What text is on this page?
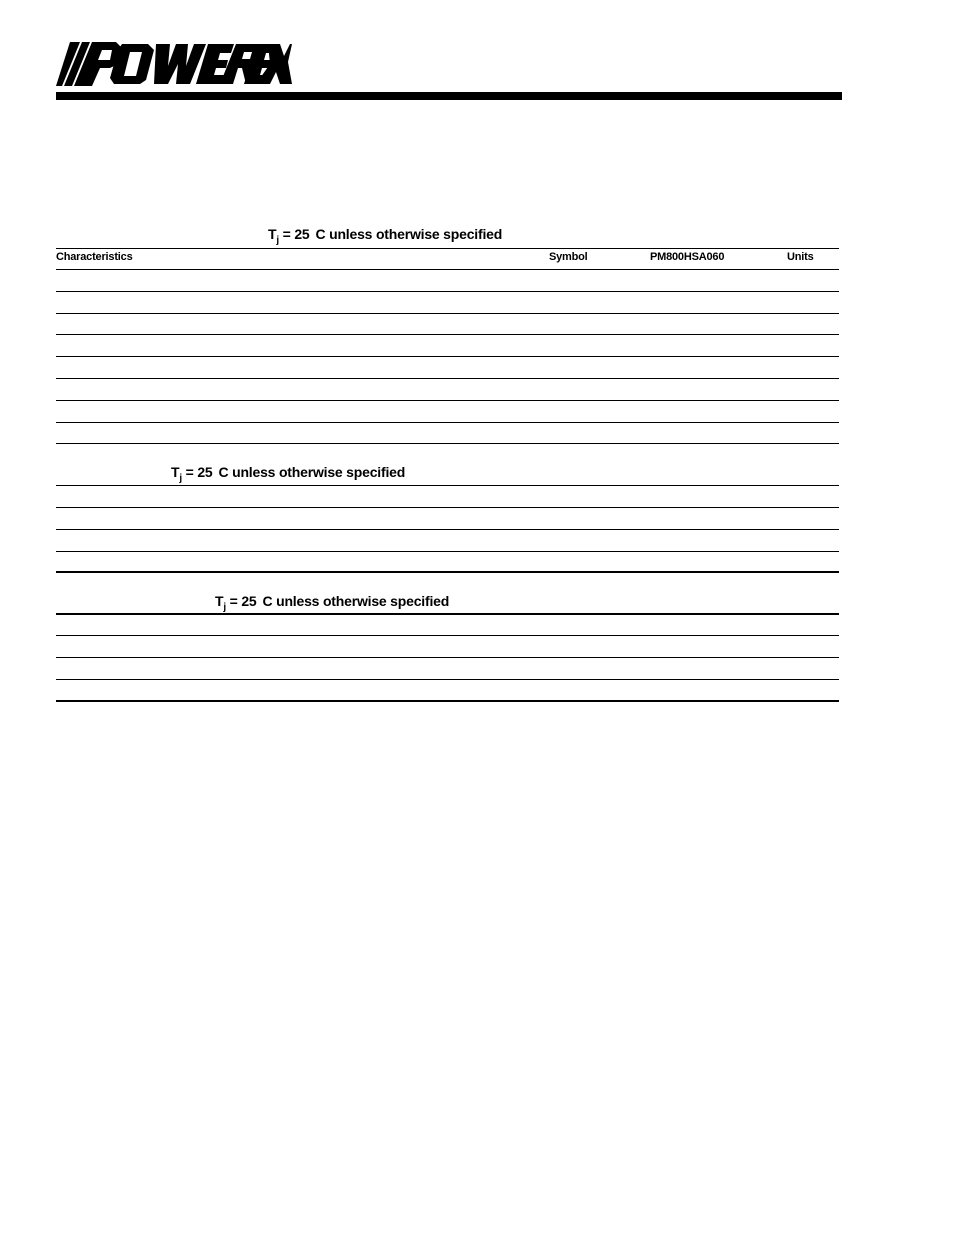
$T_j = 25$ C unless otherwise specified
Characteristics	Symbol	PM800HSA060	Units
$T_j = 25$ C unless otherwise specified
$T_j = 25$ C unless otherwise specified
